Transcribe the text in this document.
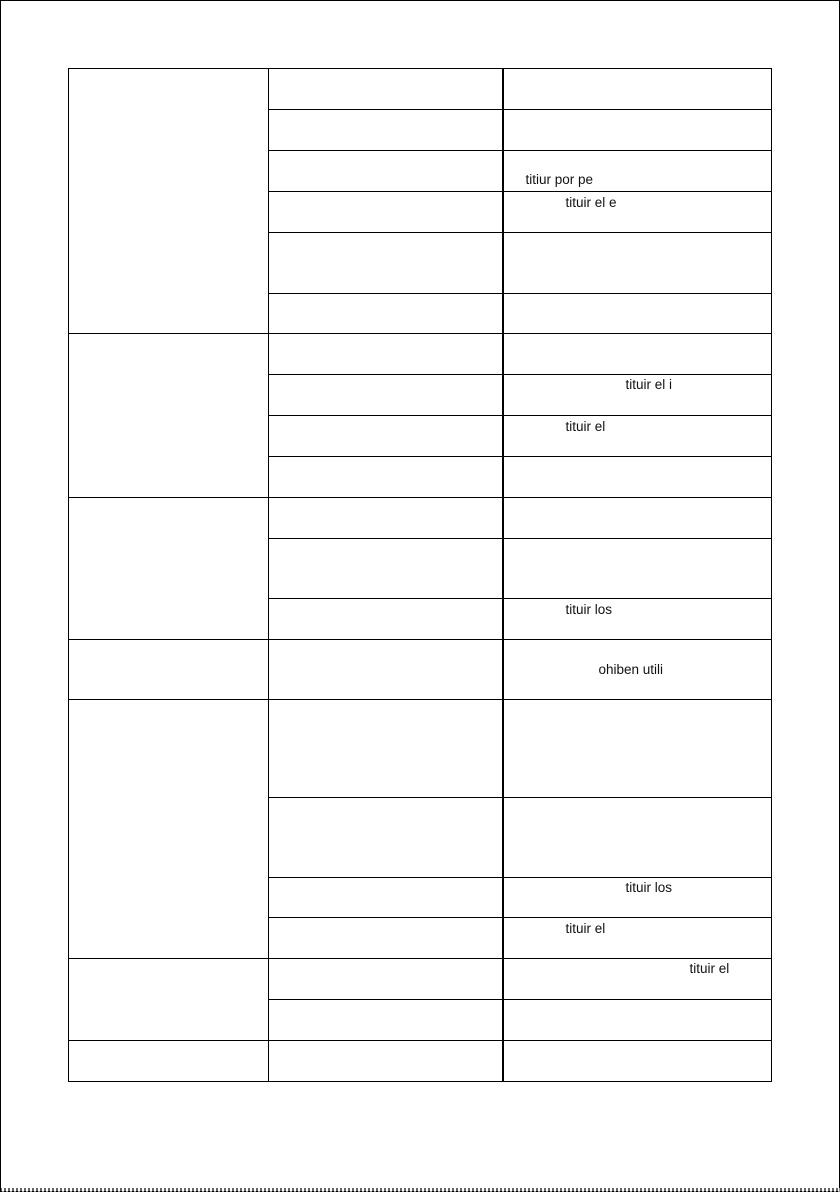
		titiur por pe

		tituir el e

		tituir el i

		tituir el

		tituir los

		ohiben utili

		tituir los

		tituir el

		tituir el
